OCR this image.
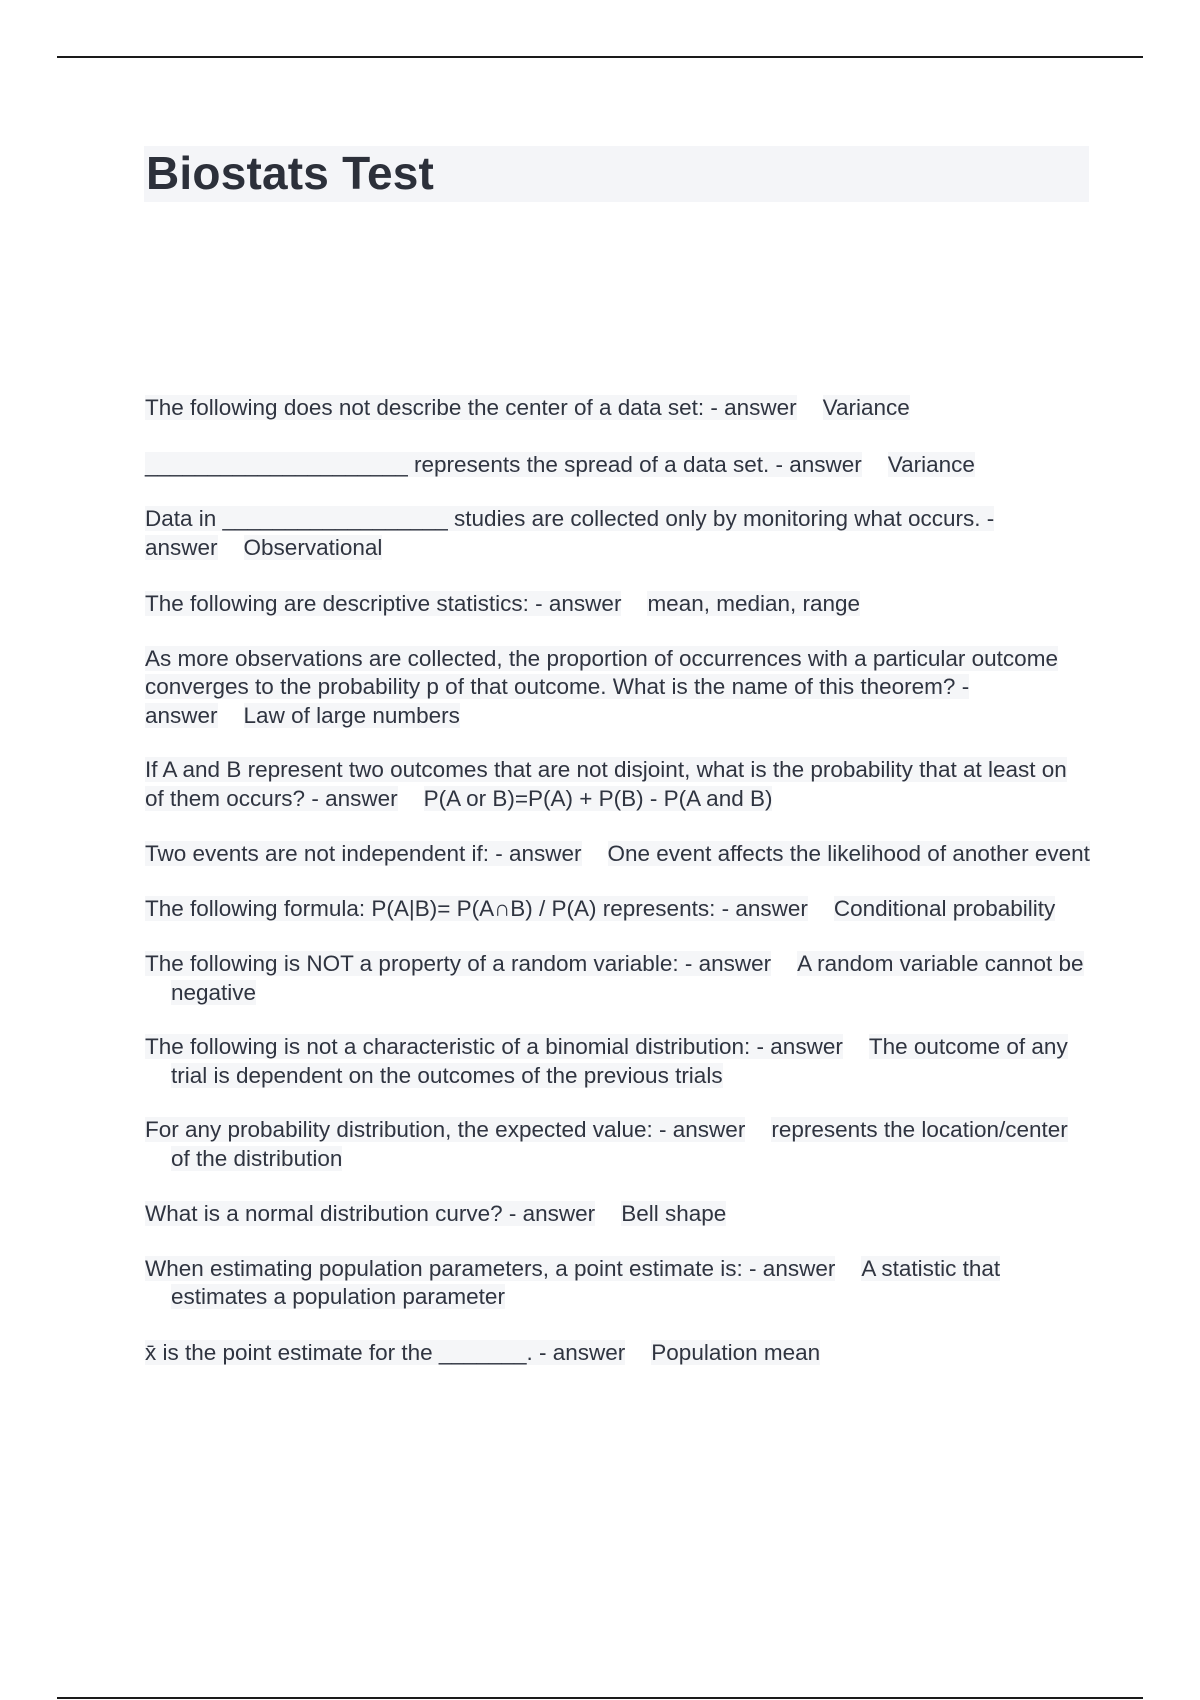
Biostats Test

The following does not describe the center of a data set: - answer Variance

_____________________ represents the spread of a data set. - answer Variance

Data in __________________ studies are collected only by monitoring what occurs. - answer Observational

The following are descriptive statistics: - answer mean, median, range

As more observations are collected, the proportion of occurrences with a particular outcome converges to the probability p of that outcome. What is the name of this theorem? - answer Law of large numbers

If A and B represent two outcomes that are not disjoint, what is the probability that at least on of them occurs? - answer P(A or B)=P(A) + P(B) - P(A and B)

Two events are not independent if: - answer One event affects the likelihood of another event

The following formula: P(A|B)= P(A∩B) / P(A) represents: - answer Conditional probability

The following is NOT a property of a random variable: - answer A random variable cannot be negative

The following is not a characteristic of a binomial distribution: - answer The outcome of any trial is dependent on the outcomes of the previous trials

For any probability distribution, the expected value: - answer represents the location/center of the distribution

What is a normal distribution curve? - answer Bell shape

When estimating population parameters, a point estimate is: - answer A statistic that estimates a population parameter

x̄ is the point estimate for the _______. - answer Population mean
